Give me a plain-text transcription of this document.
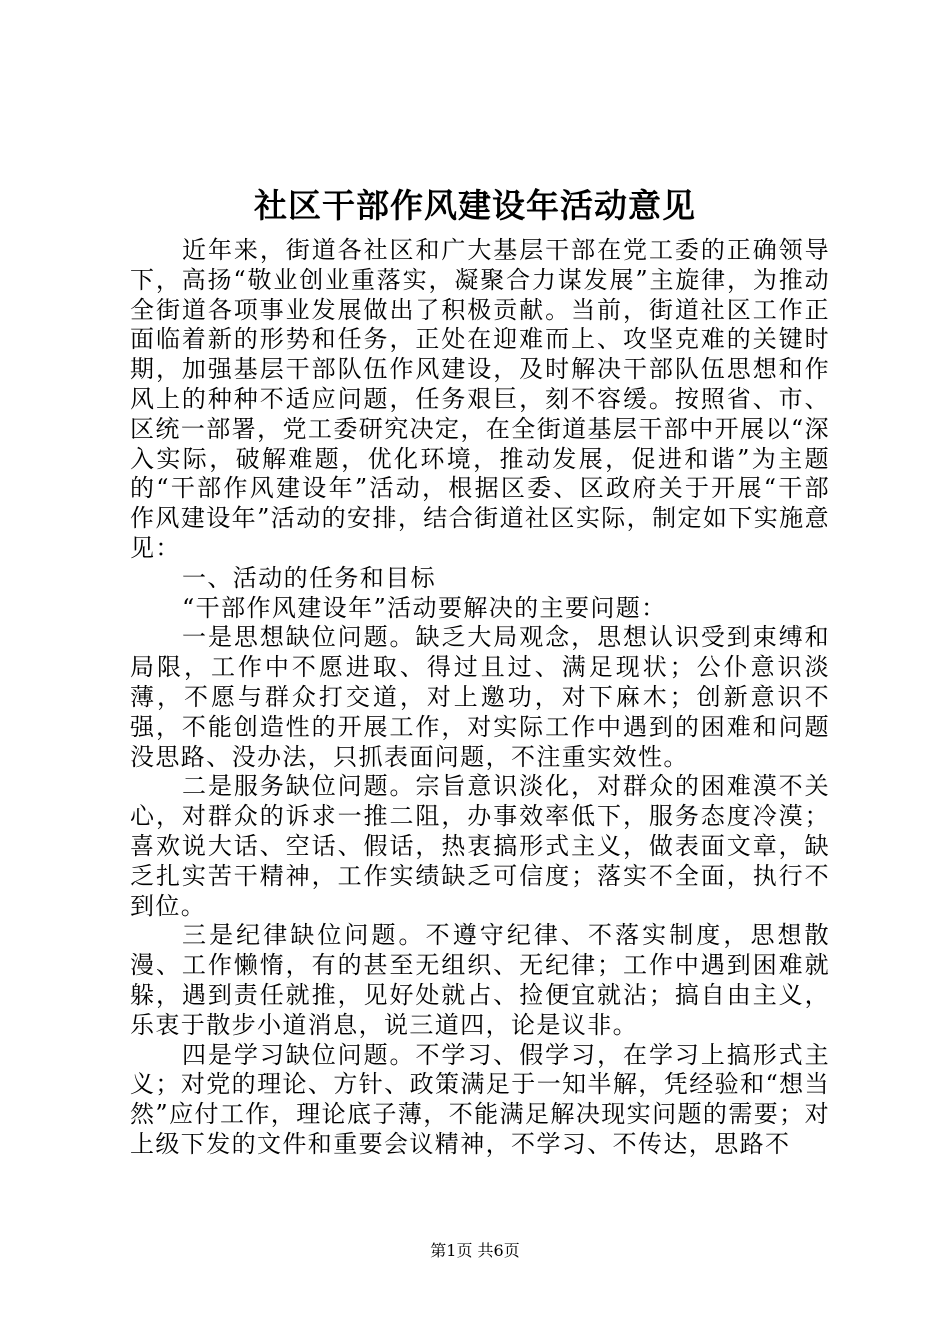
社区干部作风建设年活动意见

近年来，街道各社区和广大基层干部在党工委的正确领导下，高扬“敬业创业重落实，凝聚合力谋发展”主旋律，为推动全街道各项事业发展做出了积极贡献。当前，街道社区工作正面临着新的形势和任务，正处在迎难而上、攻坚克难的关键时期，加强基层干部队伍作风建设，及时解决干部队伍思想和作风上的种种不适应问题，任务艰巨，刻不容缓。按照省、市、区统一部署，党工委研究决定，在全街道基层干部中开展以“深入实际，破解难题，优化环境，推动发展，促进和谐”为主题的“干部作风建设年”活动，根据区委、区政府关于开展“干部作风建设年”活动的安排，结合街道社区实际，制定如下实施意见：

一、活动的任务和目标

“干部作风建设年”活动要解决的主要问题：

一是思想缺位问题。缺乏大局观念，思想认识受到束缚和局限，工作中不愿进取、得过且过、满足现状；公仆意识淡薄，不愿与群众打交道，对上邀功，对下麻木；创新意识不强，不能创造性的开展工作，对实际工作中遇到的困难和问题没思路、没办法，只抓表面问题，不注重实效性。

二是服务缺位问题。宗旨意识淡化，对群众的困难漠不关心，对群众的诉求一推二阻，办事效率低下，服务态度冷漠；喜欢说大话、空话、假话，热衷搞形式主义，做表面文章，缺乏扎实苦干精神，工作实绩缺乏可信度；落实不全面，执行不到位。

三是纪律缺位问题。不遵守纪律、不落实制度，思想散漫、工作懒惰，有的甚至无组织、无纪律；工作中遇到困难就躲，遇到责任就推，见好处就占、捡便宜就沾；搞自由主义，乐衷于散步小道消息，说三道四，论是议非。

四是学习缺位问题。不学习、假学习，在学习上搞形式主义；对党的理论、方针、政策满足于一知半解，凭经验和“想当然”应付工作，理论底子薄，不能满足解决现实问题的需要；对上级下发的文件和重要会议精神，不学习、不传达，思路不

第1页 共6页
